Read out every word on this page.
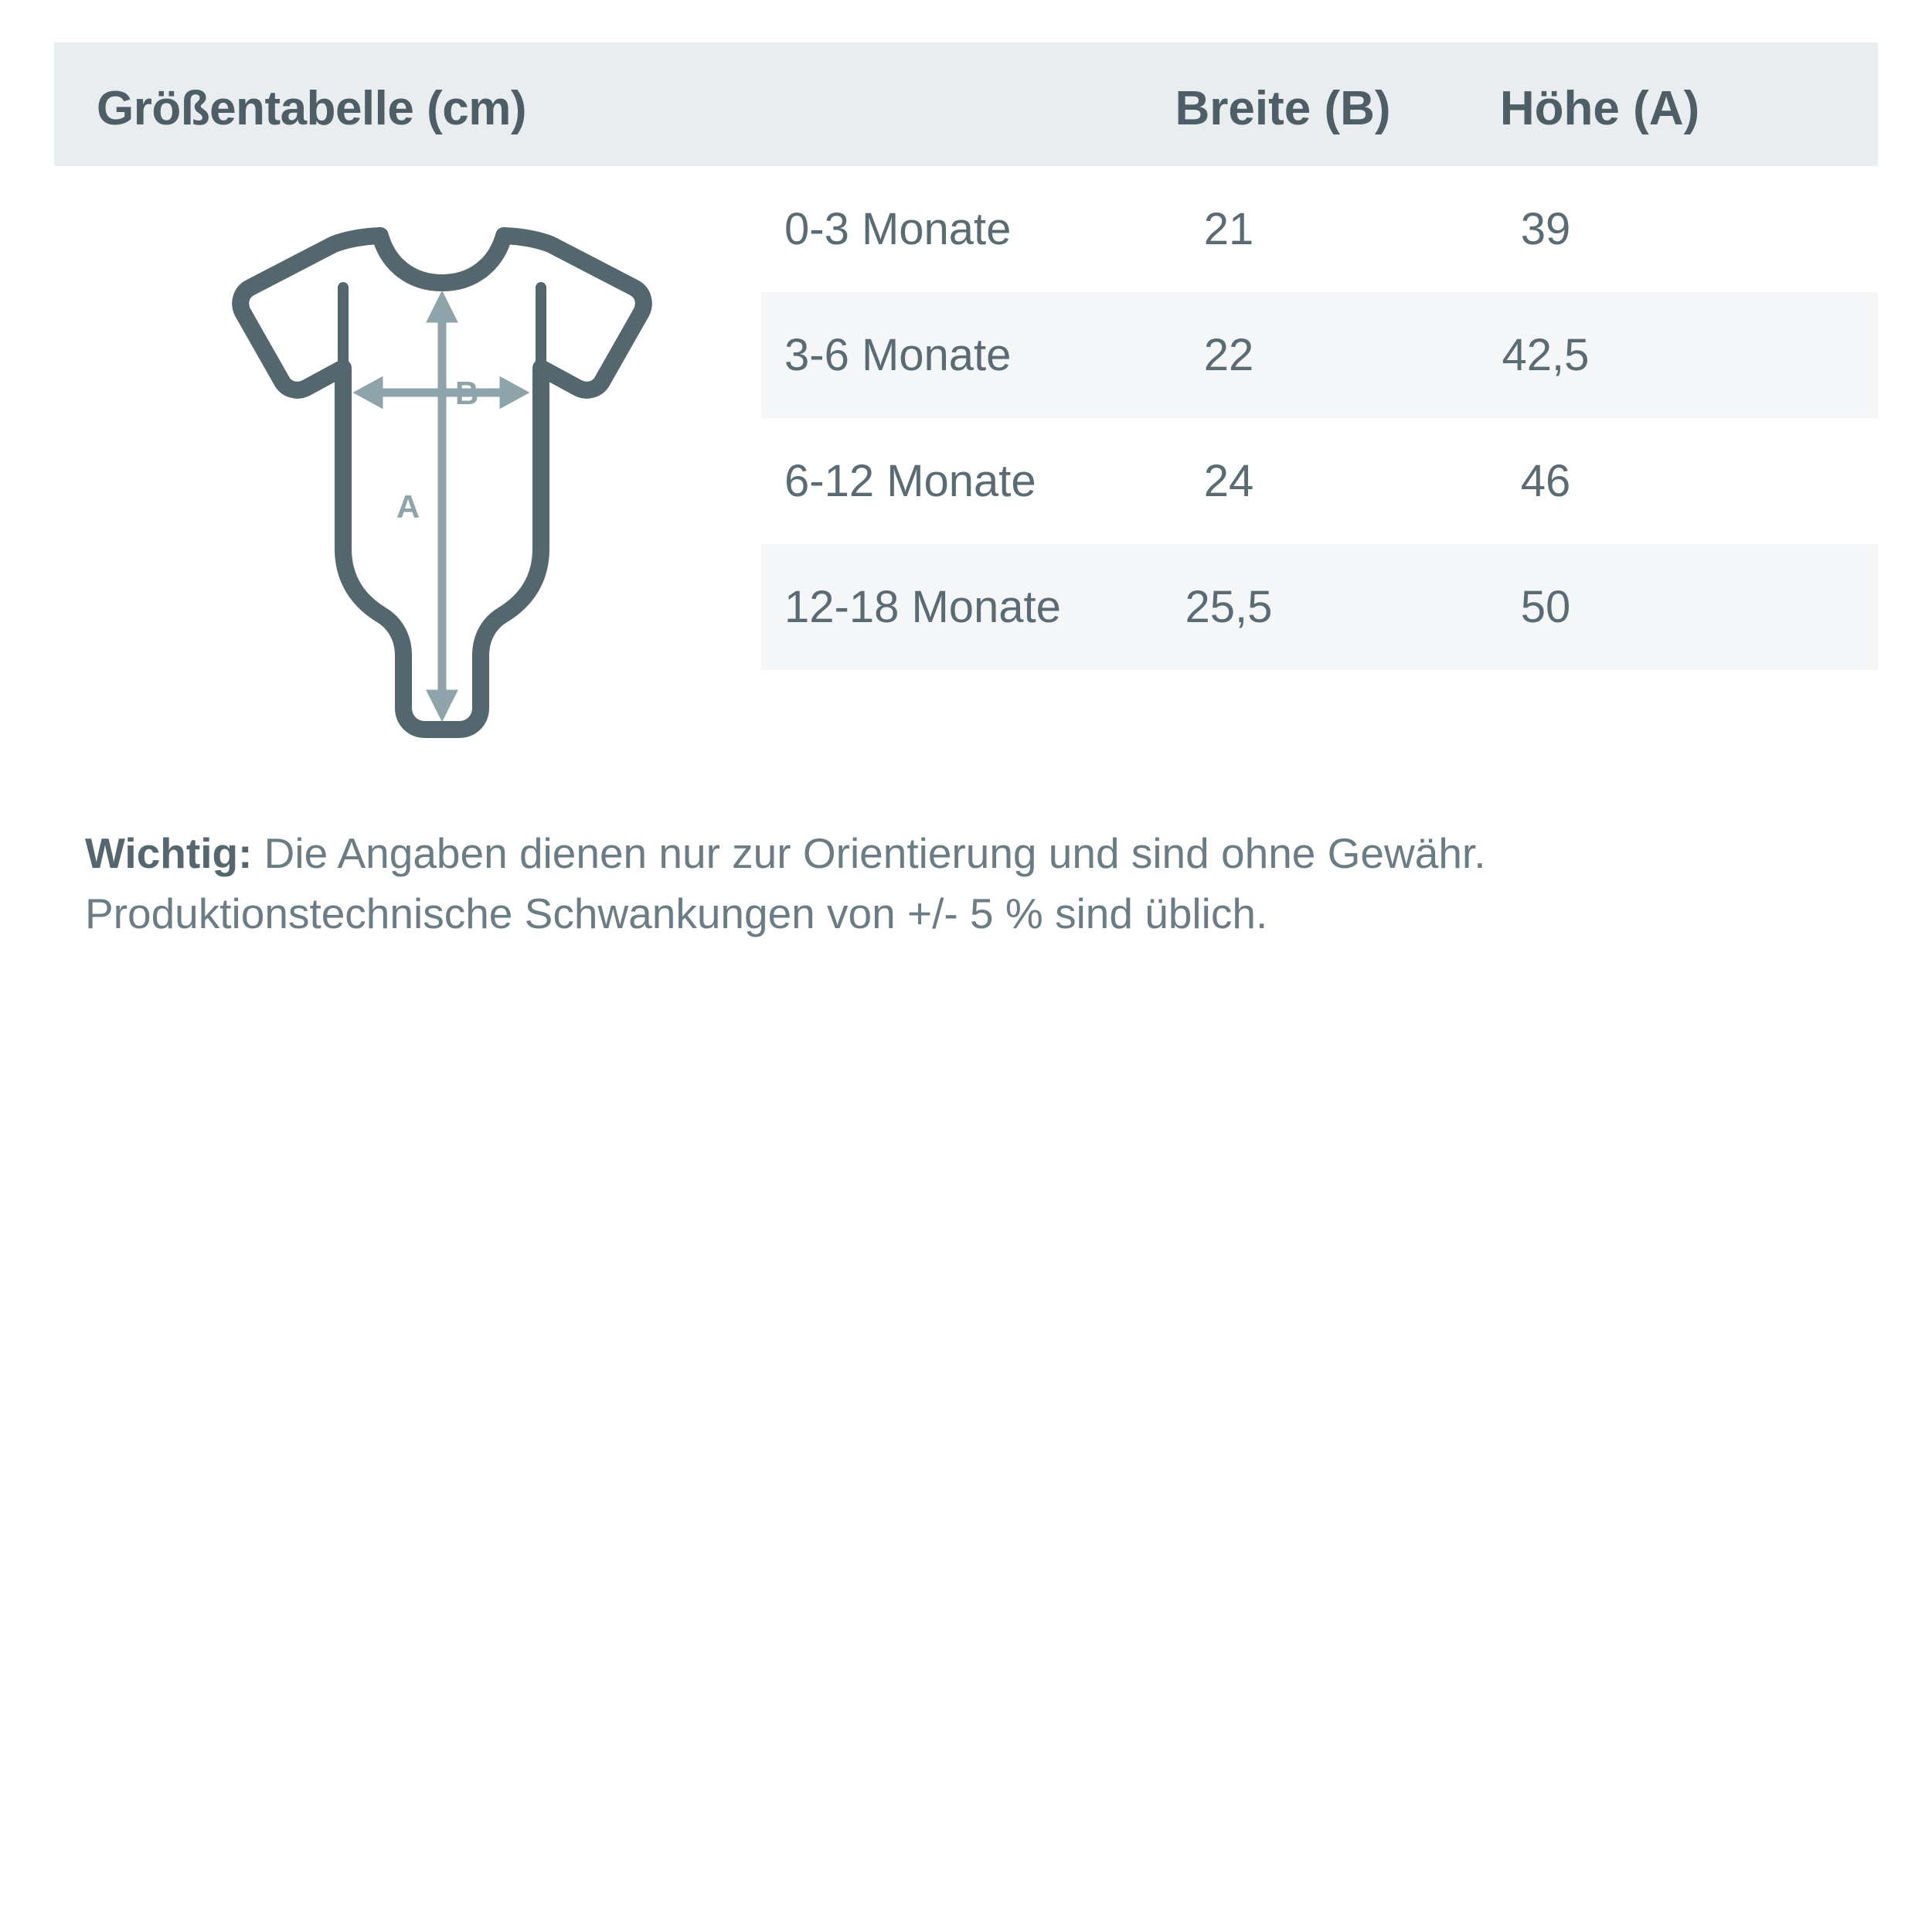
Größentabelle (cm)	Breite (B)	Höhe (A)
0-3 Monate	21	39
3-6 Monate	22	42,5
6-12 Monate	24	46
12-18 Monate	25,5	50
B
A
Wichtig: Die Angaben dienen nur zur Orientierung und sind ohne Gewähr. Produktionstechnische Schwankungen von +/- 5 % sind üblich.
